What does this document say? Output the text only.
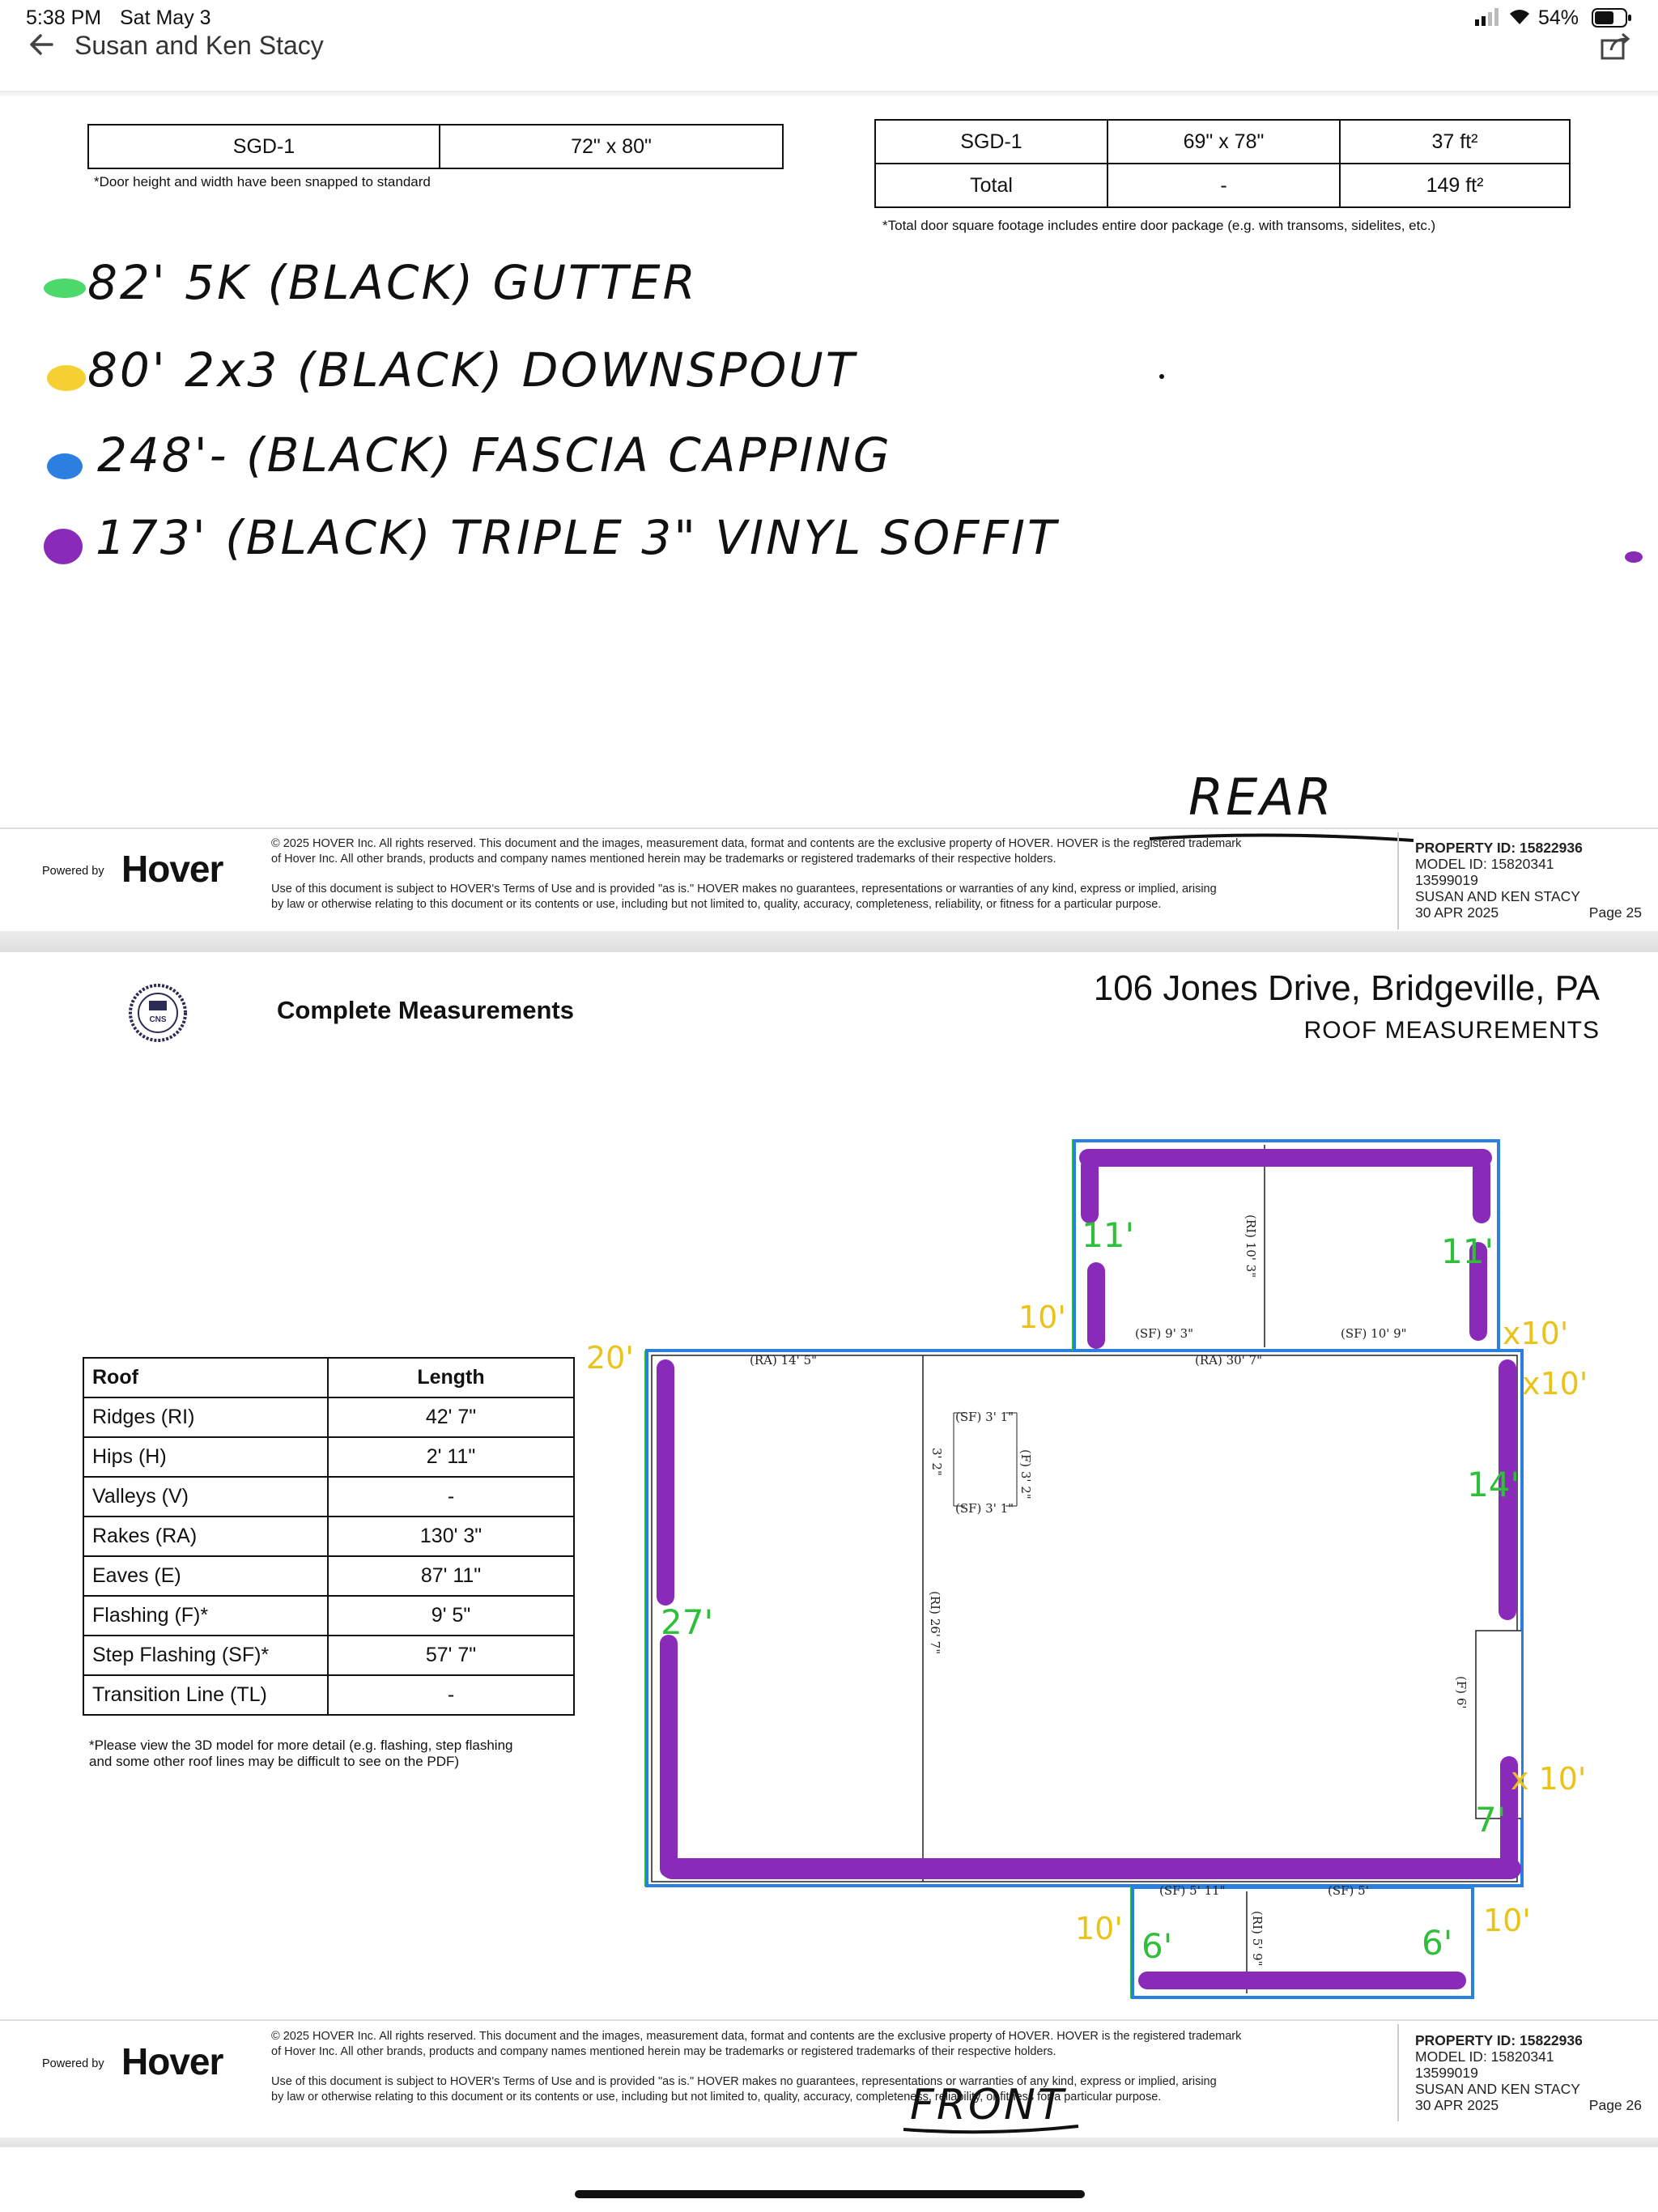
5:38 PM Sat May 3	54%
Susan and Ken Stacy

SGD-1	72" x 80"
*Door height and width have been snapped to standard
SGD-1	69" x 78"	37 ft²
Total	-	149 ft²
*Total door square footage includes entire door package (e.g. with transoms, sidelites, etc.)
82' 5K (BLACK) GUTTER
80' 2x3 (BLACK) DOWNSPOUT
248'- (BLACK) FASCIA CAPPING
173' (BLACK) TRIPLE 3" VINYL SOFFIT
REAR
Powered by Hover
© 2025 HOVER Inc. All rights reserved. This document and the images, measurement data, format and contents are the exclusive property of HOVER. HOVER is the registered trademark
of Hover Inc. All other brands, products and company names mentioned herein may be trademarks or registered trademarks of their respective holders.
Use of this document is subject to HOVER's Terms of Use and is provided "as is." HOVER makes no guarantees, representations or warranties of any kind, express or implied, arising
by law or otherwise relating to this document or its contents or use, including but not limited to, quality, accuracy, completeness, reliability, or fitness for a particular purpose.
PROPERTY ID: 15822936
MODEL ID: 15820341
13599019
SUSAN AND KEN STACY
30 APR 2025	Page 25
CNS	Complete Measurements
106 Jones Drive, Bridgeville, PA
ROOF MEASUREMENTS
Roof	Length
Ridges (RI)	42' 7"
Hips (H)	2' 11"
Valleys (V)	-
Rakes (RA)	130' 3"
Eaves (E)	87' 11"
Flashing (F)*	9' 5"
Step Flashing (SF)*	57' 7"
Transition Line (TL)	-
*Please view the 3D model for more detail (e.g. flashing, step flashing
and some other roof lines may be difficult to see on the PDF)
(SF) 9' 3"	(SF) 10' 9"
(RA) 14' 5"	(RA) 30' 7"
(SF) 3' 1"
(SF) 3' 1"
(SF) 5' 11"	(SF) 5'
(RI) 10' 3"
(F) 3' 2"
3' 2"
(RI) 26' 7"
(F) 6'
(RI) 5' 9"
20'
10'	x10'
x10'
x 10'
10'	10'
11'	11'
14'
27'
7'
6'	6'
Powered by Hover
© 2025 HOVER Inc. All rights reserved. This document and the images, measurement data, format and contents are the exclusive property of HOVER. HOVER is the registered trademark
of Hover Inc. All other brands, products and company names mentioned herein may be trademarks or registered trademarks of their respective holders.
Use of this document is subject to HOVER's Terms of Use and is provided "as is." HOVER makes no guarantees, representations or warranties of any kind, express or implied, arising
by law or otherwise relating to this document or its contents or use, including but not limited to, quality, accuracy, completeness, reliability, or fitness for a particular purpose.
PROPERTY ID: 15822936
MODEL ID: 15820341
13599019
SUSAN AND KEN STACY
30 APR 2025	Page 26
FRONT
